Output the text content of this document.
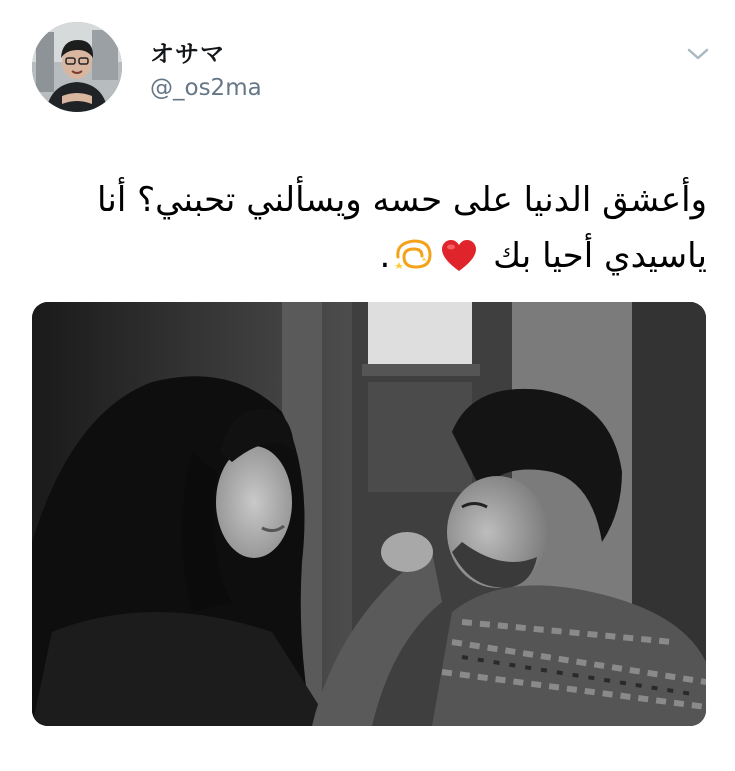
オサマ
@_os2ma
وأعشق الدنيا على حسه ويسألني تحبني؟ أنا
ياسيدي أحيا بك .
